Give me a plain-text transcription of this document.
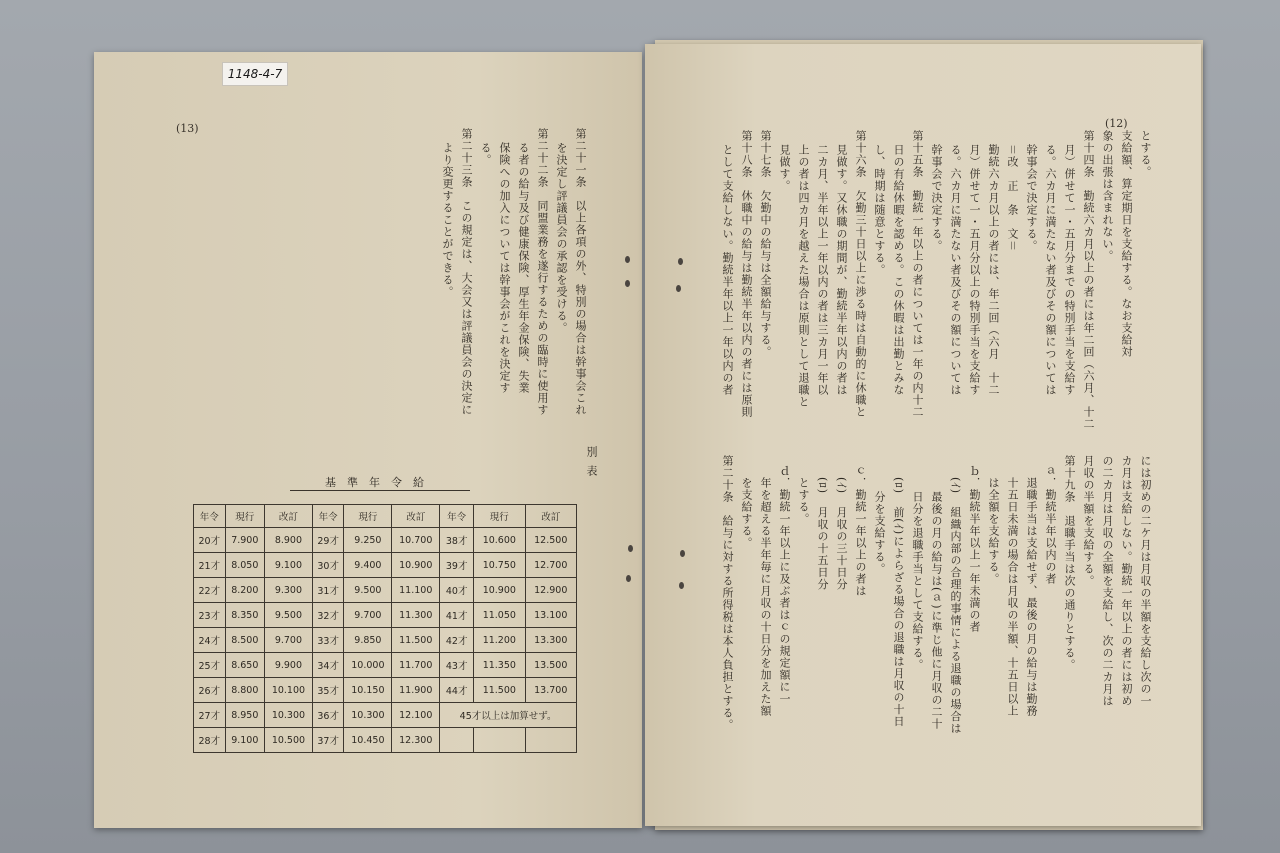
1148-4-7
(13)	第二十一条　以上各項の外、特別の場合は幹事会これ
を決定し評議員会の承認を受ける。
第二十二条　同盟業務を遂行するための臨時に使用す
る者の給与及び健康保険、厚生年金保険、失業
保険への加入については幹事会がこれを決定す
る。
第二十三条　この規定は、大会又は評議員会の決定に
より変更することができる。
別表
基準年令給
年令	現行	改訂	年令	現行	改訂	年令	現行	改訂
20才	7.900	8.900	29才	9.250	10.700	38才	10.600	12.500
21才	8.050	9.100	30才	9.400	10.900	39才	10.750	12.700
22才	8.200	9.300	31才	9.500	11.100	40才	10.900	12.900
23才	8.350	9.500	32才	9.700	11.300	41才	11.050	13.100
24才	8.500	9.700	33才	9.850	11.500	42才	11.200	13.300
25才	8.650	9.900	34才	10.000	11.700	43才	11.350	13.500
26才	8.800	10.100	35才	10.150	11.900	44才	11.500	13.700
27才	8.950	10.300	36才	10.300	12.100	45才以上は加算せず。		
28才	9.100	10.500	37才	10.450	12.300			
(12)
とする。
支給額、算定期日を支給する。なお支給対
象の出張は含まれない。
第十四条　勤続六カ月以上の者には年二回（六月、十二
月）併せて一・五月分までの特別手当を支給す
る。六カ月に満たない者及びその額については
幹事会で決定する。
＝改　正　条　文＝
勤続六カ月以上の者には、年二回（六月　十二
月）併せて一・五月分以上の特別手当を支給す
る。六カ月に満たない者及びその額については
幹事会で決定する。
第十五条　勤続一年以上の者については一年の内十二
日の有給休暇を認める。この休暇は出勤とみな
し、時期は随意とする。
第十六条　欠勤三十日以上に渉る時は自動的に休職と
見做す。又休職の期間が、勤続半年以内の者は
二カ月、半年以上一年以内の者は三カ月一年以
上の者は四カ月を越えた場合は原則として退職と
見做す。
第十七条　欠勤中の給与は全額給与する。
第十八条　休職中の給与は勤続半年以内の者には原則
として支給しない。勤続半年以上一年以内の者
には初めの二ケ月は月収の半額を支給し次の一
カ月は支給しない。勤続一年以上の者には初め
の二カ月は月収の全額を支給し、次の二カ月は
月収の半額を支給する。
第十九条　退職手当は次の通りとする。
ａ．勤続半年以内の者
退職手当は支給せず、最後の月の給与は勤務
十五日未満の場合は月収の半額、十五日以上
は全額を支給する。
ｂ．勤続半年以上一年未満の者
(ｲ)　組織内部の合理的事情による退職の場合は
最後の月の給与は(ａ)に準じ他に月収の二十
日分を退職手当として支給する。
(ﾛ)　前(ｲ)によらざる場合の退職は月収の十日
分を支給する。
ｃ．勤続一年以上の者は
(ｲ)　月収の三十日分
(ﾛ)　月収の十五日分
とする。
ｄ．勤続一年以上に及ぶ者はｃの規定額に一
年を超える半年毎に月収の十日分を加えた額
を支給する。
第二十条　給与に対する所得税は本人負担とする。
